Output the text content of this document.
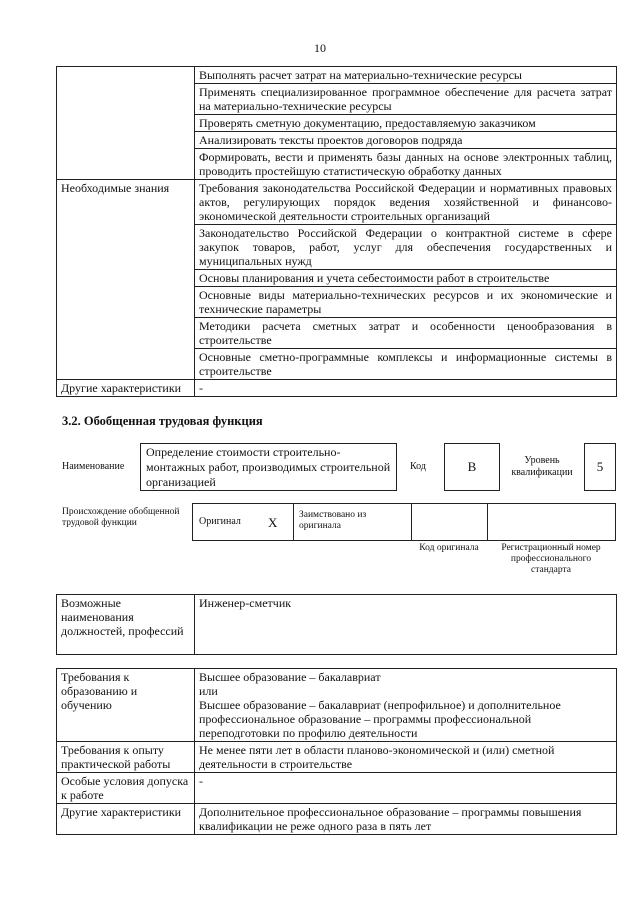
10
	Выполнять расчет затрат на материально-технические ресурсы
	Применять специализированное программное обеспечение для расчета затрат на материально-технические ресурсы
	Проверять сметную документацию, предоставляемую заказчиком
	Анализировать тексты проектов договоров подряда
	Формировать, вести и применять базы данных на основе электронных таблиц, проводить простейшую статистическую обработку данных
Необходимые знания	Требования законодательства Российской Федерации и нормативных правовых актов, регулирующих порядок ведения хозяйственной и финансово-экономической деятельности строительных организаций
	Законодательство Российской Федерации о контрактной системе в сфере закупок товаров, работ, услуг для обеспечения государственных и муниципальных нужд
	Основы планирования и учета себестоимости работ в строительстве
	Основные виды материально-технических ресурсов и их экономические и технические параметры
	Методики расчета сметных затрат и особенности ценообразования в строительстве
	Основные сметно-программные комплексы и информационные системы в строительстве
Другие характеристики	-
3.2. Обобщенная трудовая функция
Наименование
Определение стоимости строительно-монтажных работ, производимых строительной организацией
Код	B	Уровень квалификации	5
Происхождение обобщенной трудовой функции	Оригинал X Заимствовано из оригинала
Код оригинала	Регистрационный номер профессионального стандарта
Возможные наименования должностей, профессий	Инженер-сметчик
Требования к образованию и обучению	Высшее образование – бакалавриат
или
Высшее образование – бакалавриат (непрофильное) и дополнительное профессиональное образование – программы профессиональной переподготовки по профилю деятельности

Требования к опыту практической работы	Не менее пяти лет в области планово-экономической и (или) сметной деятельности в строительстве
Особые условия допуска к работе	-
Другие характеристики	Дополнительное профессиональное образование – программы повышения квалификации не реже одного раза в пять лет
